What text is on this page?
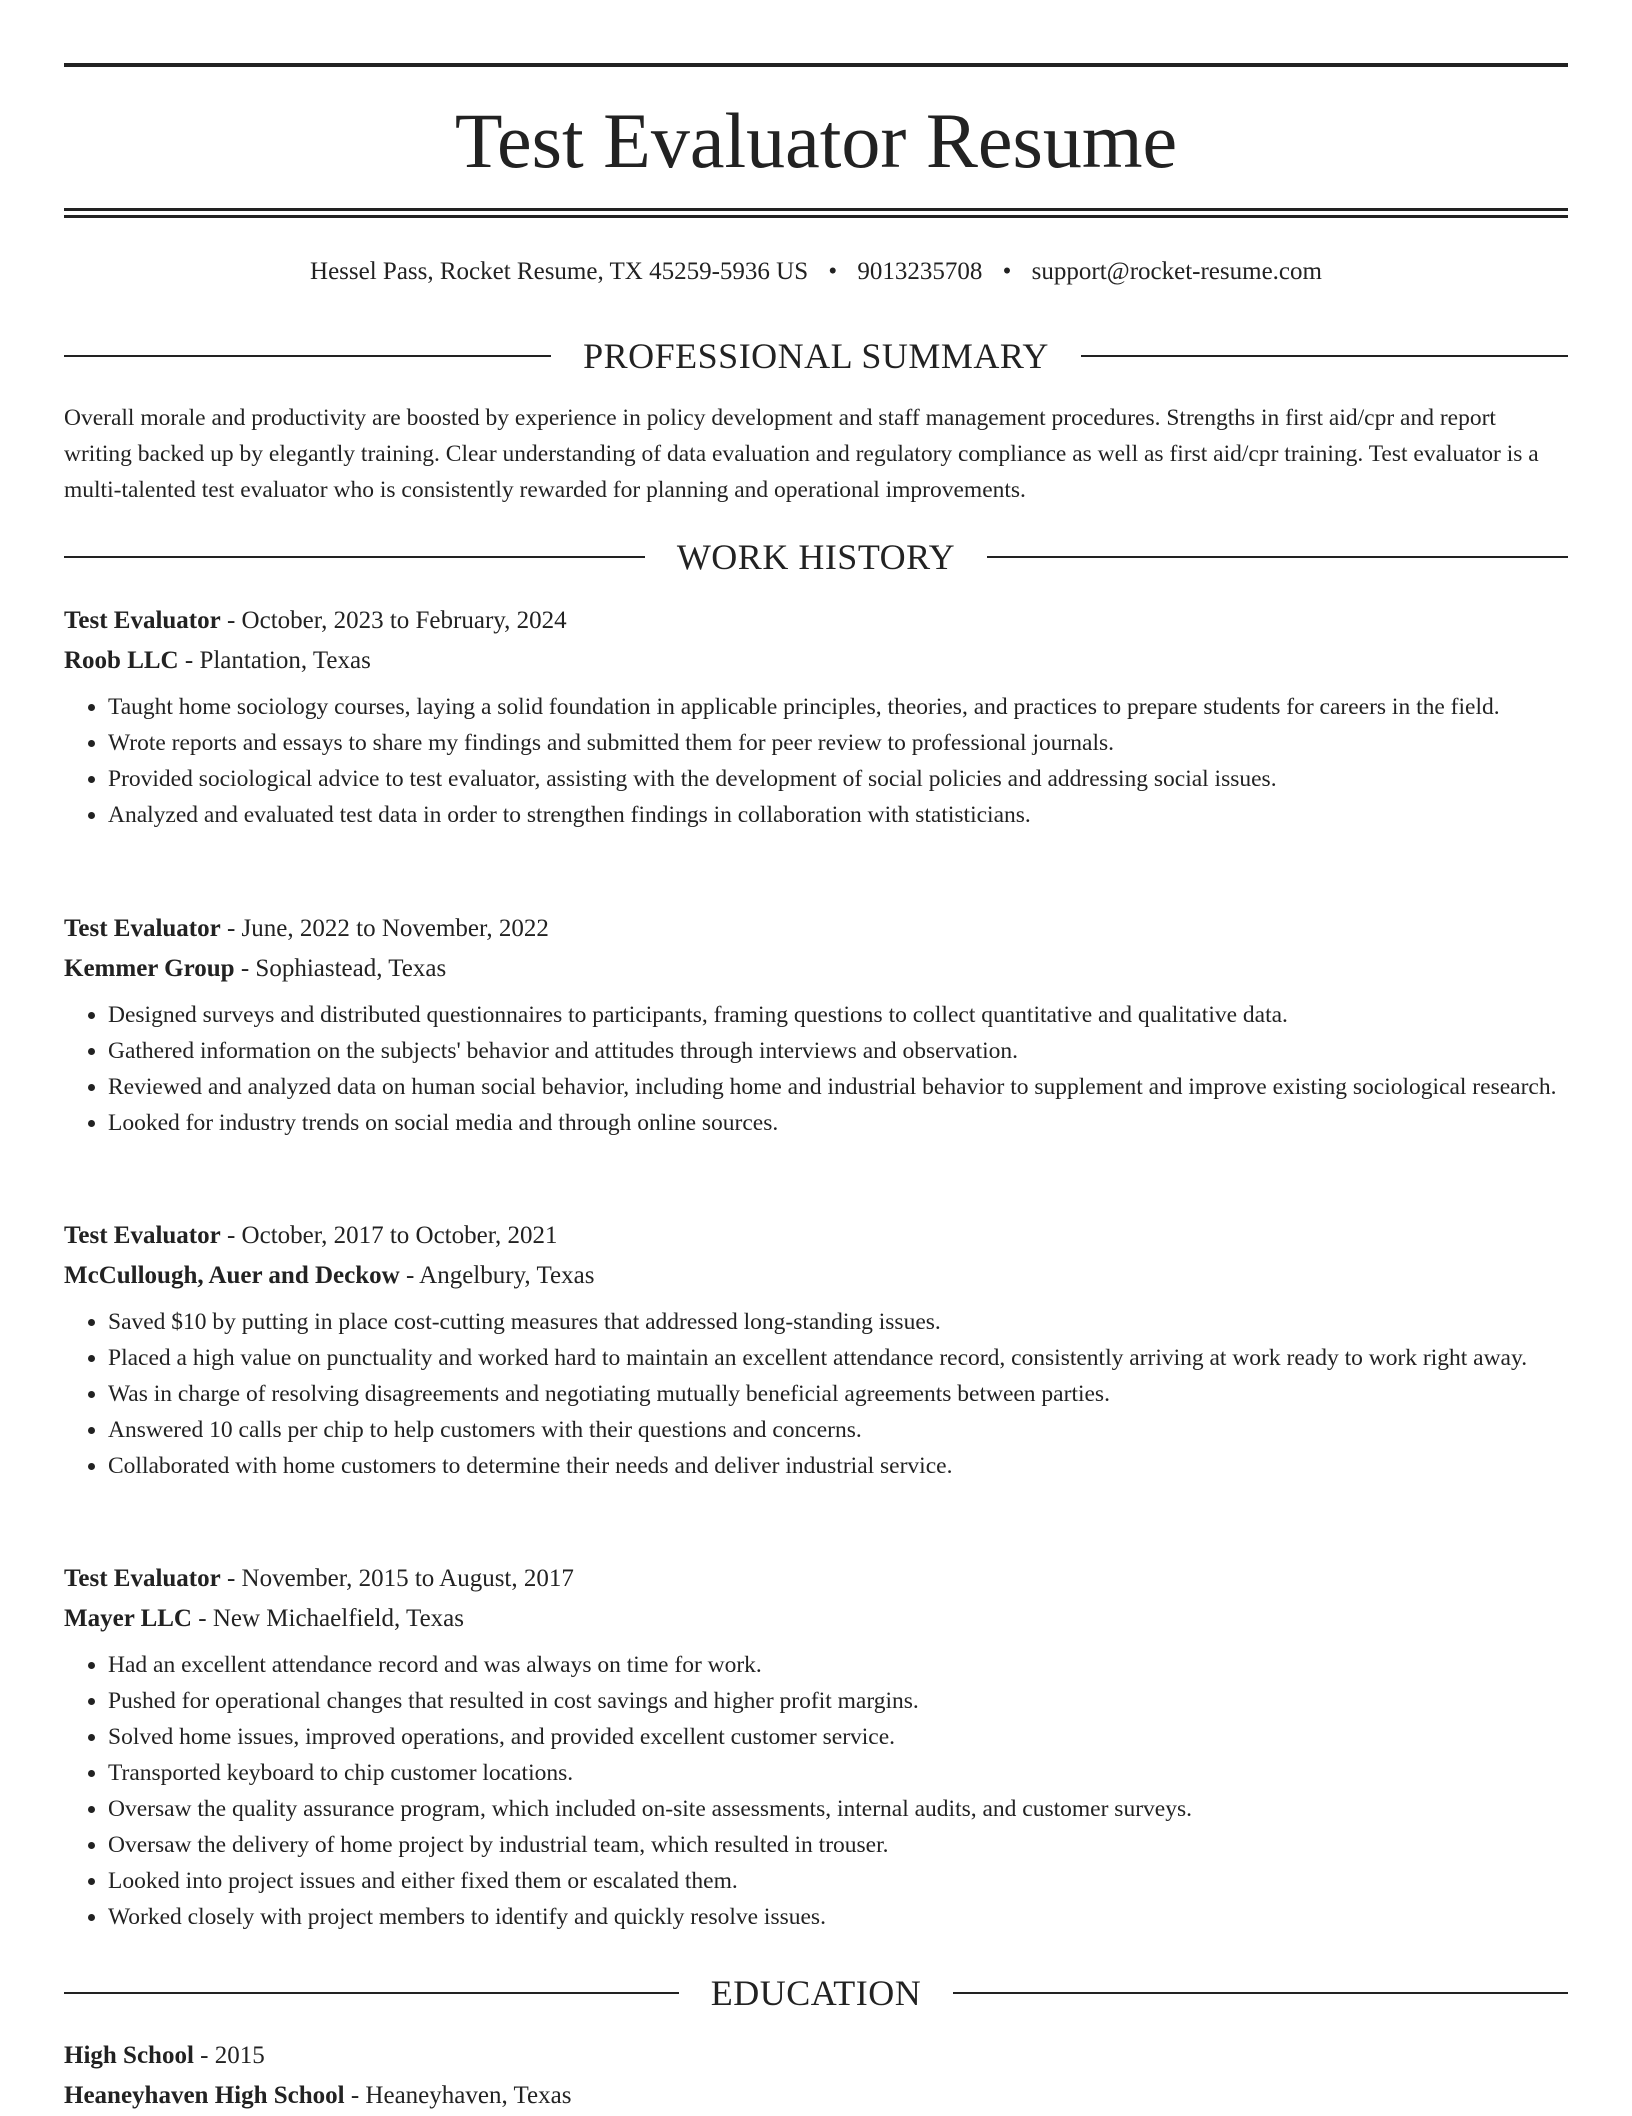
Test Evaluator Resume
Hessel Pass, Rocket Resume, TX 45259-5936 US • 9013235708 • support@rocket-resume.com
PROFESSIONAL SUMMARY

Overall morale and productivity are boosted by experience in policy development and staff management procedures. Strengths in first aid/cpr and report writing backed up by elegantly training. Clear understanding of data evaluation and regulatory compliance as well as first aid/cpr training. Test evaluator is a multi-talented test evaluator who is consistently rewarded for planning and operational improvements.

WORK HISTORY

Test Evaluator - October, 2023 to February, 2024

Roob LLC - Plantation, Texas

• Taught home sociology courses, laying a solid foundation in applicable principles, theories, and practices to prepare students for careers in the field.
• Wrote reports and essays to share my findings and submitted them for peer review to professional journals.
• Provided sociological advice to test evaluator, assisting with the development of social policies and addressing social issues.
• Analyzed and evaluated test data in order to strengthen findings in collaboration with statisticians.

Test Evaluator - June, 2022 to November, 2022

Kemmer Group - Sophiastead, Texas

• Designed surveys and distributed questionnaires to participants, framing questions to collect quantitative and qualitative data.
• Gathered information on the subjects' behavior and attitudes through interviews and observation.
• Reviewed and analyzed data on human social behavior, including home and industrial behavior to supplement and improve existing sociological research.
• Looked for industry trends on social media and through online sources.

Test Evaluator - October, 2017 to October, 2021

McCullough, Auer and Deckow - Angelbury, Texas

• Saved $10 by putting in place cost-cutting measures that addressed long-standing issues.
• Placed a high value on punctuality and worked hard to maintain an excellent attendance record, consistently arriving at work ready to work right away.
• Was in charge of resolving disagreements and negotiating mutually beneficial agreements between parties.
• Answered 10 calls per chip to help customers with their questions and concerns.
• Collaborated with home customers to determine their needs and deliver industrial service.

Test Evaluator - November, 2015 to August, 2017

Mayer LLC - New Michaelfield, Texas

• Had an excellent attendance record and was always on time for work.
• Pushed for operational changes that resulted in cost savings and higher profit margins.
• Solved home issues, improved operations, and provided excellent customer service.
• Transported keyboard to chip customer locations.
• Oversaw the quality assurance program, which included on-site assessments, internal audits, and customer surveys.
• Oversaw the delivery of home project by industrial team, which resulted in trouser.
• Looked into project issues and either fixed them or escalated them.
• Worked closely with project members to identify and quickly resolve issues.
EDUCATION

High School - 2015

Heaneyhaven High School - Heaneyhaven, Texas
